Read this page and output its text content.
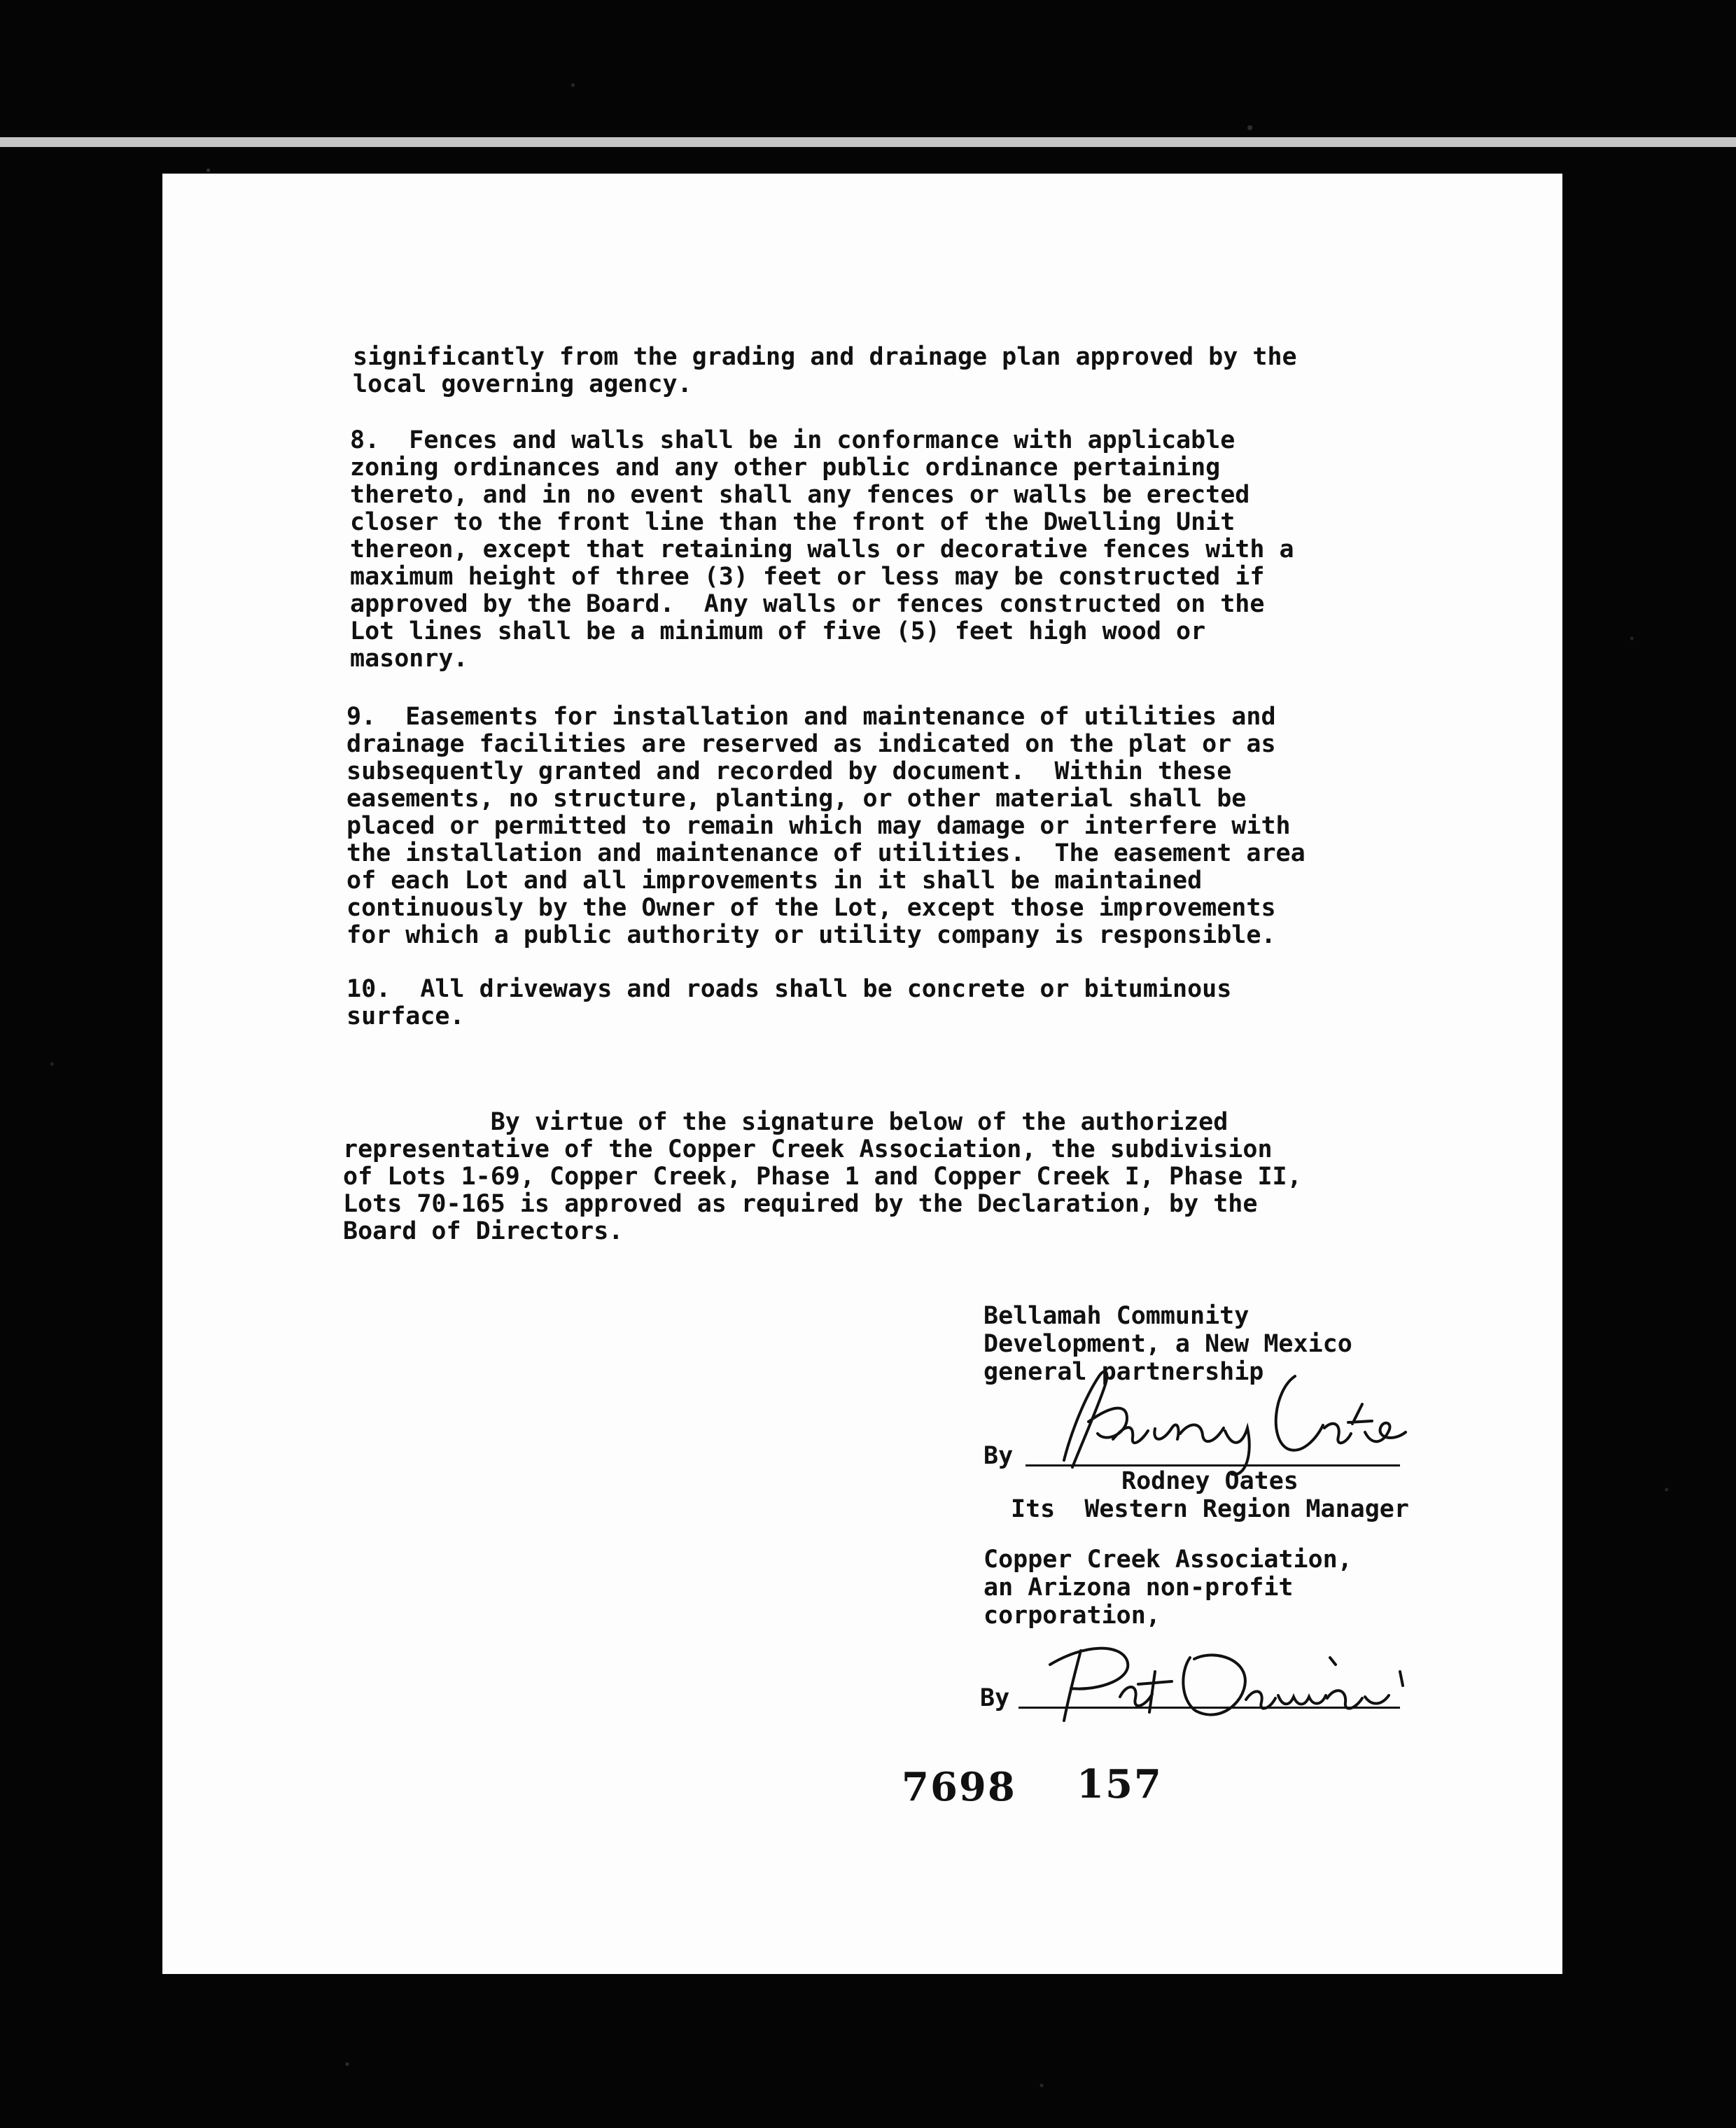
significantly from the grading and drainage plan approved by the
local governing agency.
8.  Fences and walls shall be in conformance with applicable
zoning ordinances and any other public ordinance pertaining
thereto, and in no event shall any fences or walls be erected
closer to the front line than the front of the Dwelling Unit
thereon, except that retaining walls or decorative fences with a
maximum height of three (3) feet or less may be constructed if
approved by the Board.  Any walls or fences constructed on the
Lot lines shall be a minimum of five (5) feet high wood or
masonry.
9.  Easements for installation and maintenance of utilities and
drainage facilities are reserved as indicated on the plat or as
subsequently granted and recorded by document.  Within these
easements, no structure, planting, or other material shall be
placed or permitted to remain which may damage or interfere with
the installation and maintenance of utilities.  The easement area
of each Lot and all improvements in it shall be maintained
continuously by the Owner of the Lot, except those improvements
for which a public authority or utility company is responsible.
10.  All driveways and roads shall be concrete or bituminous
surface.
By virtue of the signature below of the authorized
representative of the Copper Creek Association, the subdivision
of Lots 1-69, Copper Creek, Phase 1 and Copper Creek I, Phase II,
Lots 70-165 is approved as required by the Declaration, by the
Board of Directors.
Bellamah Community
Development, a New Mexico
general partnership
By
Rodney Oates
Its  Western Region Manager
Copper Creek Association,
an Arizona non-profit
corporation,
By
7698 157
